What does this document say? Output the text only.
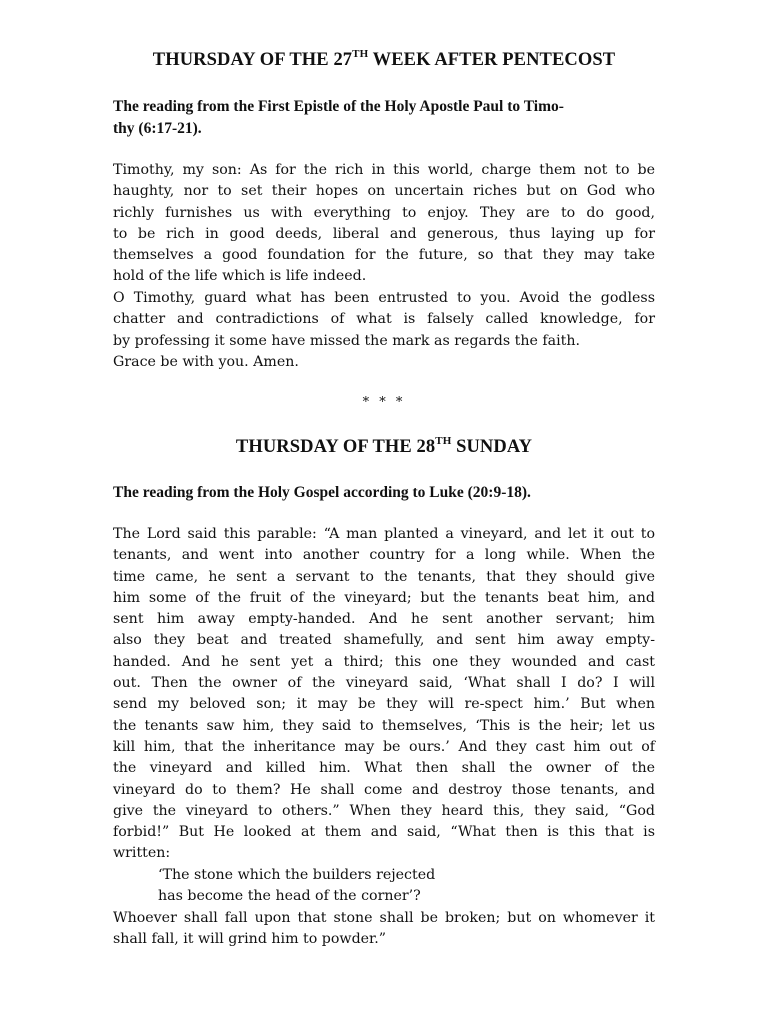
THURSDAY OF THE 27TH WEEK AFTER PENTECOST

The reading from the First Epistle of the Holy Apostle Paul to Timo-
thy (6:17-21).

Timothy, my son: As for the rich in this world, charge them not to be
haughty, nor to set their hopes on uncertain riches but on God who
richly furnishes us with everything to enjoy. They are to do good,
to be rich in good deeds, liberal and generous, thus laying up for
themselves a good foundation for the future, so that they may take
hold of the life which is life indeed.
O Timothy, guard what has been entrusted to you. Avoid the godless
chatter and contradictions of what is falsely called knowledge, for
by professing it some have missed the mark as regards the faith.
Grace be with you. Amen.

* * *

THURSDAY OF THE 28TH SUNDAY

The reading from the Holy Gospel according to Luke (20:9-18).

The Lord said this parable: “A man planted a vineyard, and let it out to
tenants, and went into another country for a long while. When the
time came, he sent a servant to the tenants, that they should give
him some of the fruit of the vineyard; but the tenants beat him, and
sent him away empty-handed. And he sent another servant; him
also they beat and treated shamefully, and sent him away empty-
handed. And he sent yet a third; this one they wounded and cast
out. Then the owner of the vineyard said, ‘What shall I do? I will
send my beloved son; it may be they will re-spect him.’ But when
the tenants saw him, they said to themselves, ‘This is the heir; let us
kill him, that the inheritance may be ours.’ And they cast him out of
the vineyard and killed him. What then shall the owner of the
vineyard do to them? He shall come and destroy those tenants, and
give the vineyard to others.” When they heard this, they said, “God
forbid!” But He looked at them and said, “What then is this that is
written:
‘The stone which the builders rejected
has become the head of the corner’?
Whoever shall fall upon that stone shall be broken; but on whomever it
shall fall, it will grind him to powder.”
